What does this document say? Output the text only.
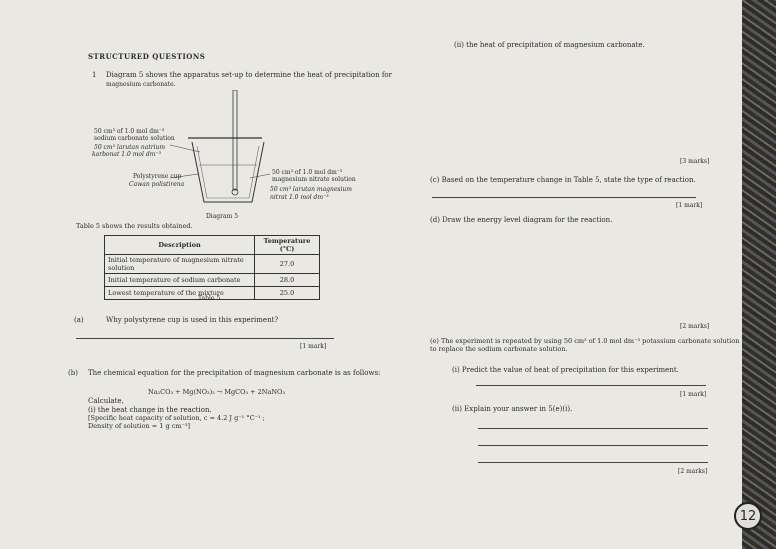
STRUCTURED QUESTIONS
1 Diagram 5 shows the apparatus set-up to determine the heat of precipitation for
magnesium carbonate.
50 cm³ of 1.0 mol dm⁻³
sodium carbonate solution
50 cm³ larutan natrium
karbonat 1.0 mol dm⁻³
Polystyrene cup
Cawan polistirena
50 cm³ of 1.0 mol dm⁻³
magnesium nitrate solution
50 cm³ larutan magnesium
nitrat 1.0 mol dm⁻³
Diagram 5
Table 5 shows the results obtained.
Description	Temperature (°C)
Initial temperature of magnesium nitrate solution	27.0
Initial temperature of sodium carbonate	28.0
Lowest temperature of the mixture	25.0
Table 5
(a)	Why polystyrene cup is used in this experiment?
[1 mark]
(b) The chemical equation for the precipitation of magnesium carbonate is as follows:
Na₂CO₃ + Mg(NO₃)₂ → MgCO₃ + 2NaNO₃
Calculate,
(i) the heat change in the reaction.
[Specific heat capacity of solution, c = 4.2 J g⁻¹ °C⁻¹ ;
Density of solution = 1 g cm⁻³]
(ii) the heat of precipitation of magnesium carbonate.
[3 marks]
(c) Based on the temperature change in Table 5, state the type of reaction.
[1 mark]
(d) Draw the energy level diagram for the reaction.
[2 marks]
(e) The experiment is repeated by using 50 cm³ of 1.0 mol dm⁻³ potassium carbonate solution
to replace the sodium carbonate solution.
(i) Predict the value of heat of precipitation for this experiment.
[1 mark]
(ii) Explain your answer in 5(e)(i).
[2 marks]
12
